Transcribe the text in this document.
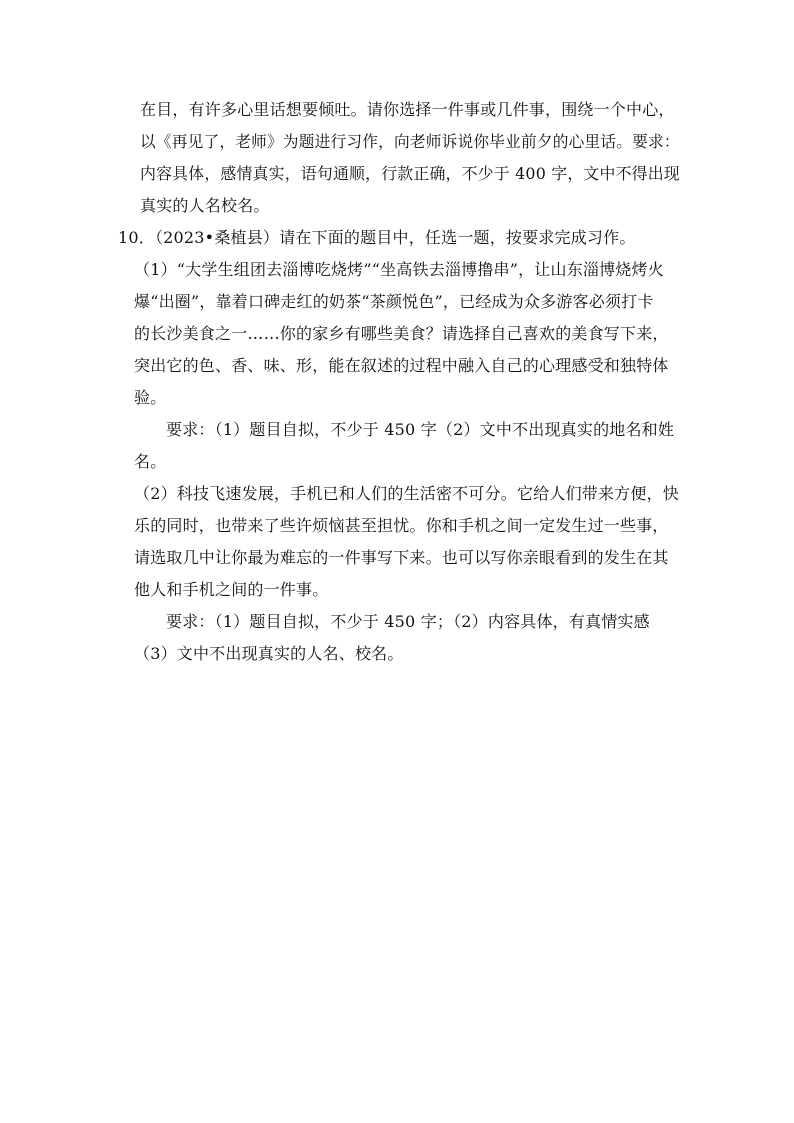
在目，有许多心里话想要倾吐。请你选择一件事或几件事，围绕一个中心，
以《再见了，老师》为题进行习作，向老师诉说你毕业前夕的心里话。要求：
内容具体，感情真实，语句通顺，行款正确，不少于 400 字，文中不得出现
真实的人名校名。
10．（2023•桑植县）请在下面的题目中，任选一题，按要求完成习作。
（1）“大学生组团去淄博吃烧烤”“坐高铁去淄博撸串”，让山东淄博烧烤火
爆“出圈”，靠着口碑走红的奶茶“茶颜悦色”，已经成为众多游客必须打卡
的长沙美食之一……你的家乡有哪些美食？请选择自己喜欢的美食写下来，
突出它的色、香、味、形，能在叙述的过程中融入自己的心理感受和独特体
验。
要求：（1）题目自拟，不少于 450 字（2）文中不出现真实的地名和姓
名。
（2）科技飞速发展，手机已和人们的生活密不可分。它给人们带来方便，快
乐的同时，也带来了些许烦恼甚至担忧。你和手机之间一定发生过一些事，
请选取几中让你最为难忘的一件事写下来。也可以写你亲眼看到的发生在其
他人和手机之间的一件事。
要求：（1）题目自拟，不少于 450 字；（2）内容具体，有真情实感
（3）文中不出现真实的人名、校名。
